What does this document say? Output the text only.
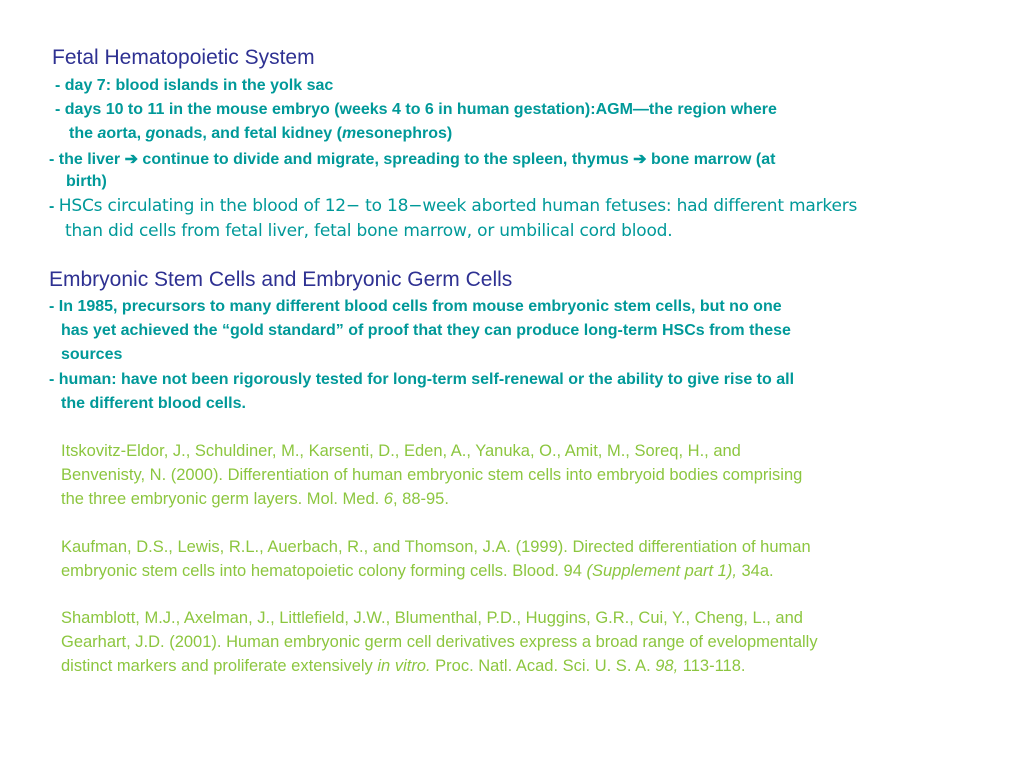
Fetal Hematopoietic System
- day 7: blood islands in the yolk sac
- days 10 to 11 in the mouse embryo (weeks 4 to 6 in human gestation):AGM—the region where
the aorta, gonads, and fetal kidney (mesonephros)
- the liver ➔ continue to divide and migrate, spreading to the spleen, thymus ➔ bone marrow (at
birth)
- HSCs circulating in the blood of 12− to 18−week aborted human fetuses: had different markers
than did cells from fetal liver, fetal bone marrow, or umbilical cord blood.
Embryonic Stem Cells and Embryonic Germ Cells
- In 1985, precursors to many different blood cells from mouse embryonic stem cells, but no one
has yet achieved the “gold standard” of proof that they can produce long-term HSCs from these
sources
- human: have not been rigorously tested for long-term self-renewal or the ability to give rise to all
the different blood cells.
Itskovitz-Eldor, J., Schuldiner, M., Karsenti, D., Eden, A., Yanuka, O., Amit, M., Soreq, H., and
Benvenisty, N. (2000). Differentiation of human embryonic stem cells into embryoid bodies comprising
the three embryonic germ layers. Mol. Med. 6, 88-95.
Kaufman, D.S., Lewis, R.L., Auerbach, R., and Thomson, J.A. (1999). Directed differentiation of human
embryonic stem cells into hematopoietic colony forming cells. Blood. 94 (Supplement part 1), 34a.
Shamblott, M.J., Axelman, J., Littlefield, J.W., Blumenthal, P.D., Huggins, G.R., Cui, Y., Cheng, L., and
Gearhart, J.D. (2001). Human embryonic germ cell derivatives express a broad range of evelopmentally
distinct markers and proliferate extensively in vitro. Proc. Natl. Acad. Sci. U. S. A. 98, 113-118.
